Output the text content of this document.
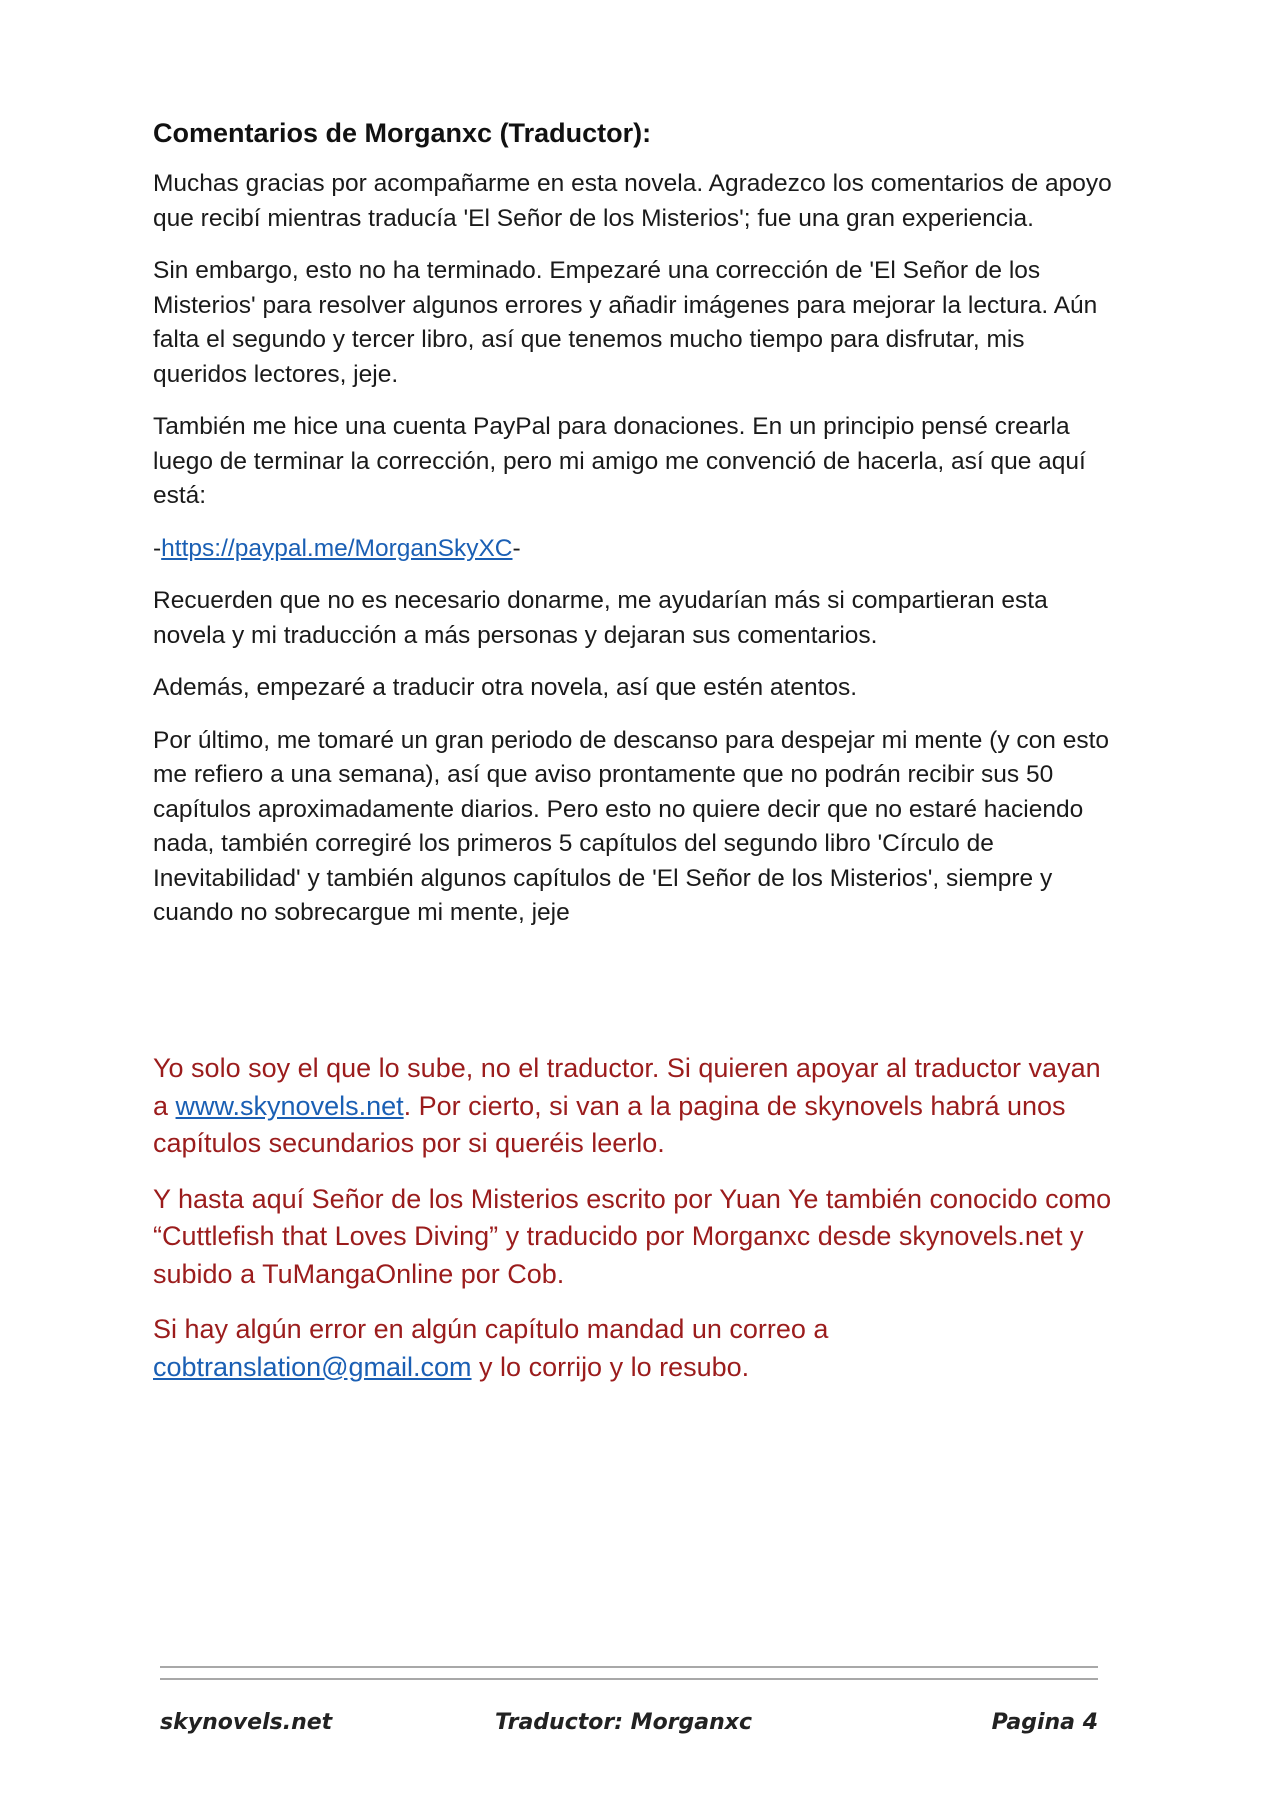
Comentarios de Morganxc (Traductor):

Muchas gracias por acompañarme en esta novela. Agradezco los comentarios de apoyo que recibí mientras traducía 'El Señor de los Misterios'; fue una gran experiencia.

Sin embargo, esto no ha terminado. Empezaré una corrección de 'El Señor de los Misterios' para resolver algunos errores y añadir imágenes para mejorar la lectura. Aún falta el segundo y tercer libro, así que tenemos mucho tiempo para disfrutar, mis queridos lectores, jeje.

También me hice una cuenta PayPal para donaciones. En un principio pensé crearla luego de terminar la corrección, pero mi amigo me convenció de hacerla, así que aquí está:

-https://paypal.me/MorganSkyXC-

Recuerden que no es necesario donarme, me ayudarían más si compartieran esta novela y mi traducción a más personas y dejaran sus comentarios.

Además, empezaré a traducir otra novela, así que estén atentos.

Por último, me tomaré un gran periodo de descanso para despejar mi mente (y con esto me refiero a una semana), así que aviso prontamente que no podrán recibir sus 50 capítulos aproximadamente diarios. Pero esto no quiere decir que no estaré haciendo nada, también corregiré los primeros 5 capítulos del segundo libro 'Círculo de Inevitabilidad' y también algunos capítulos de 'El Señor de los Misterios', siempre y cuando no sobrecargue mi mente, jeje

Yo solo soy el que lo sube, no el traductor. Si quieren apoyar al traductor vayan a www.skynovels.net. Por cierto, si van a la pagina de skynovels habrá unos capítulos secundarios por si queréis leerlo.

Y hasta aquí Señor de los Misterios escrito por Yuan Ye también conocido como “Cuttlefish that Loves Diving” y traducido por Morganxc desde skynovels.net y subido a TuMangaOnline por Cob.

Si hay algún error en algún capítulo mandad un correo a cobtranslation@gmail.com y lo corrijo y lo resubo.

skynovels.net	Traductor: Morganxc	Pagina 4
